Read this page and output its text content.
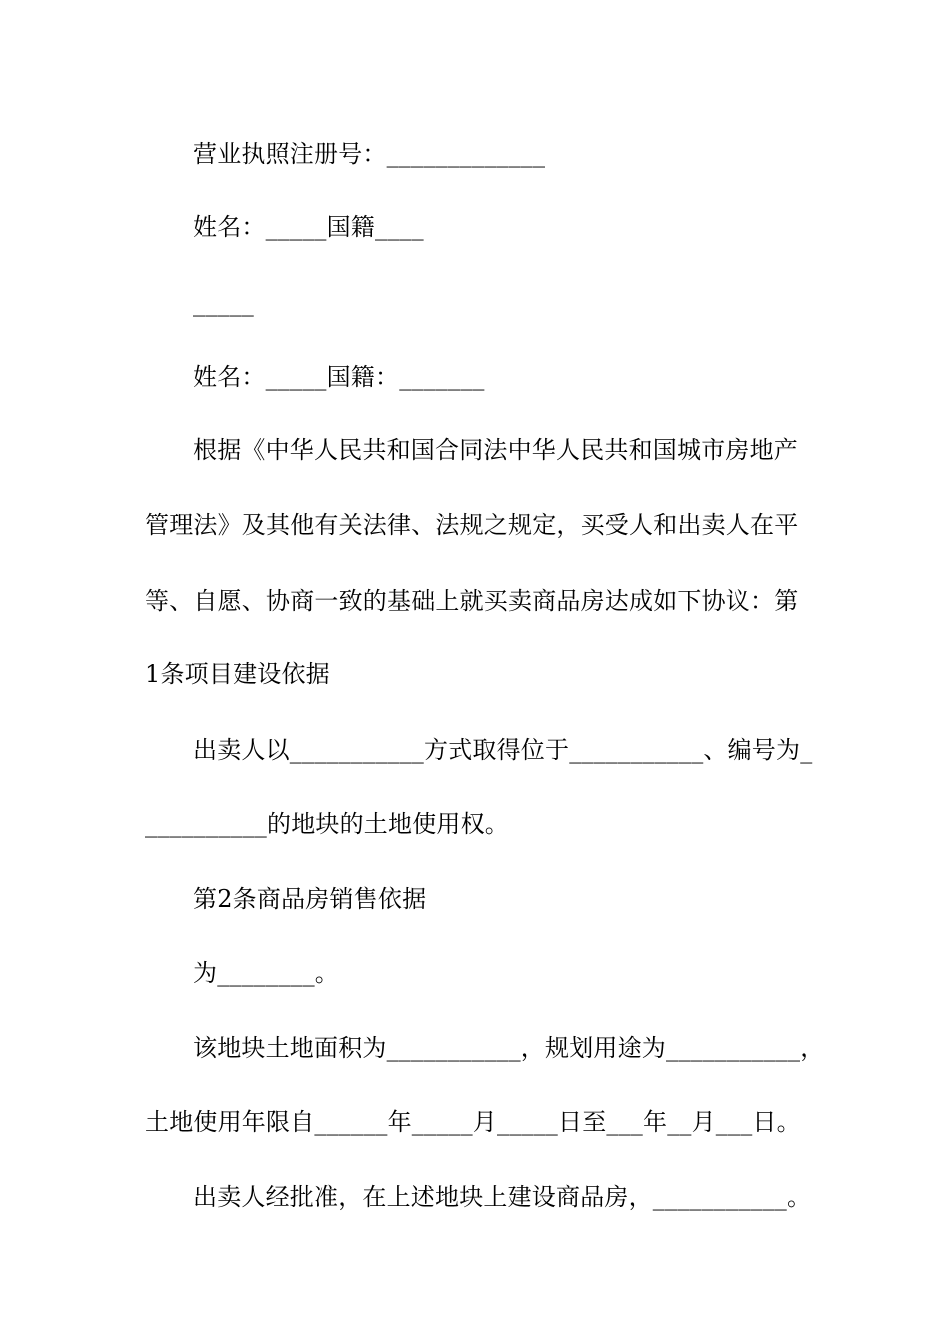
营业执照注册号：_____________
姓名：_____国籍____
_____
姓名：_____国籍：_______
根据《中华人民共和国合同法中华人民共和国城市房地产
管理法》及其他有关法律、法规之规定，买受人和出卖人在平
等、自愿、协商一致的基础上就买卖商品房达成如下协议：第
1条项目建设依据
出卖人以___________方式取得位于___________、编号为_
__________的地块的土地使用权。
第2条商品房销售依据
为________。
该地块土地面积为___________，规划用途为___________，
土地使用年限自______年_____月_____日至___年__月___日。
出卖人经批准，在上述地块上建设商品房，___________。
